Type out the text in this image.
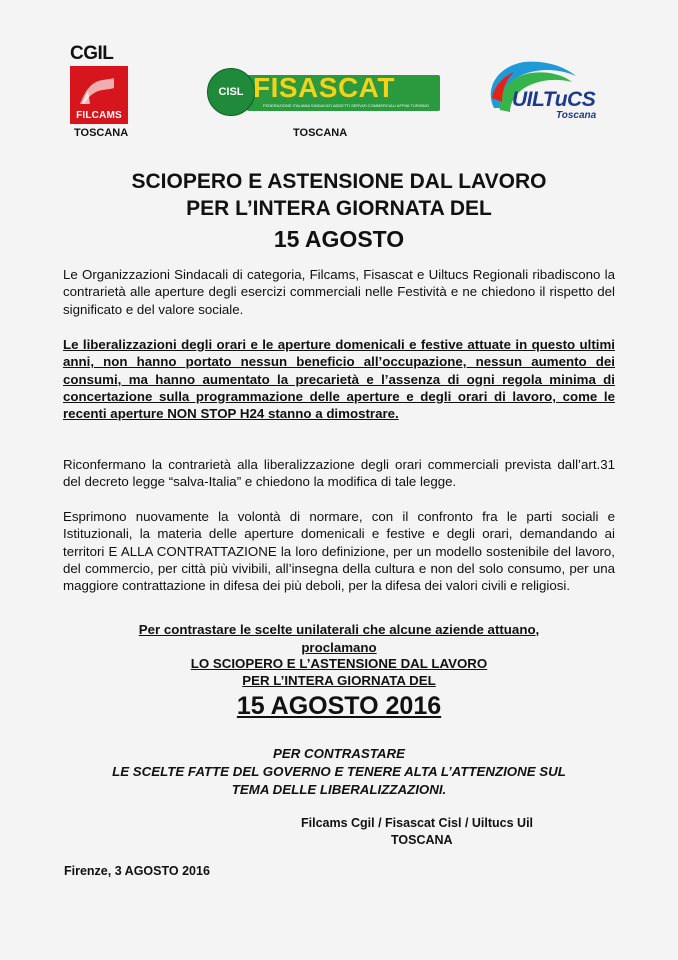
CGIL
FILCAMS
TOSCANA
CISL FISASCAT
FEDERAZIONE ITALIANA SINDACATI ADDETTI SERVIZI COMMERCIALI AFFINI TURISMO
TOSCANA
UILTuCS
Toscana
SCIOPERO E ASTENSIONE DAL LAVORO
PER L’INTERA GIORNATA DEL
15 AGOSTO

Le Organizzazioni Sindacali di categoria, Filcams, Fisascat e Uiltucs Regionali ribadiscono la contrarietà alle aperture degli esercizi commerciali nelle Festività e ne chiedono il rispetto del significato e del valore sociale.

Le liberalizzazioni degli orari e le aperture domenicali e festive attuate in questo ultimi anni, non hanno portato nessun beneficio all’occupazione, nessun aumento dei consumi, ma hanno aumentato la precarietà e l’assenza di ogni regola minima di concertazione sulla programmazione delle aperture e degli orari di lavoro, come le recenti aperture NON STOP H24 stanno a dimostrare.

Riconfermano la contrarietà alla liberalizzazione degli orari commerciali prevista dall’art.31 del decreto legge “salva-Italia” e chiedono la modifica di tale legge.

Esprimono nuovamente la volontà di normare, con il confronto fra le parti sociali e Istituzionali, la materia delle aperture domenicali e festive e degli orari, demandando ai territori E ALLA CONTRATTAZIONE la loro definizione, per un modello sostenibile del lavoro, del commercio, per città più vivibili, all’insegna della cultura e non del solo consumo, per una maggiore contrattazione in difesa dei più deboli, per la difesa dei valori civili e religiosi.

Per contrastare le scelte unilaterali che alcune aziende attuano,
proclamano
LO SCIOPERO E L’ASTENSIONE DAL LAVORO
PER L’INTERA GIORNATA DEL
15 AGOSTO 2016
PER CONTRASTARE
LE SCELTE FATTE DEL GOVERNO E TENERE ALTA L’ATTENZIONE SUL
TEMA DELLE LIBERALIZZAZIONI.
Filcams Cgil / Fisascat Cisl / Uiltucs Uil
TOSCANA
Firenze, 3 AGOSTO 2016
